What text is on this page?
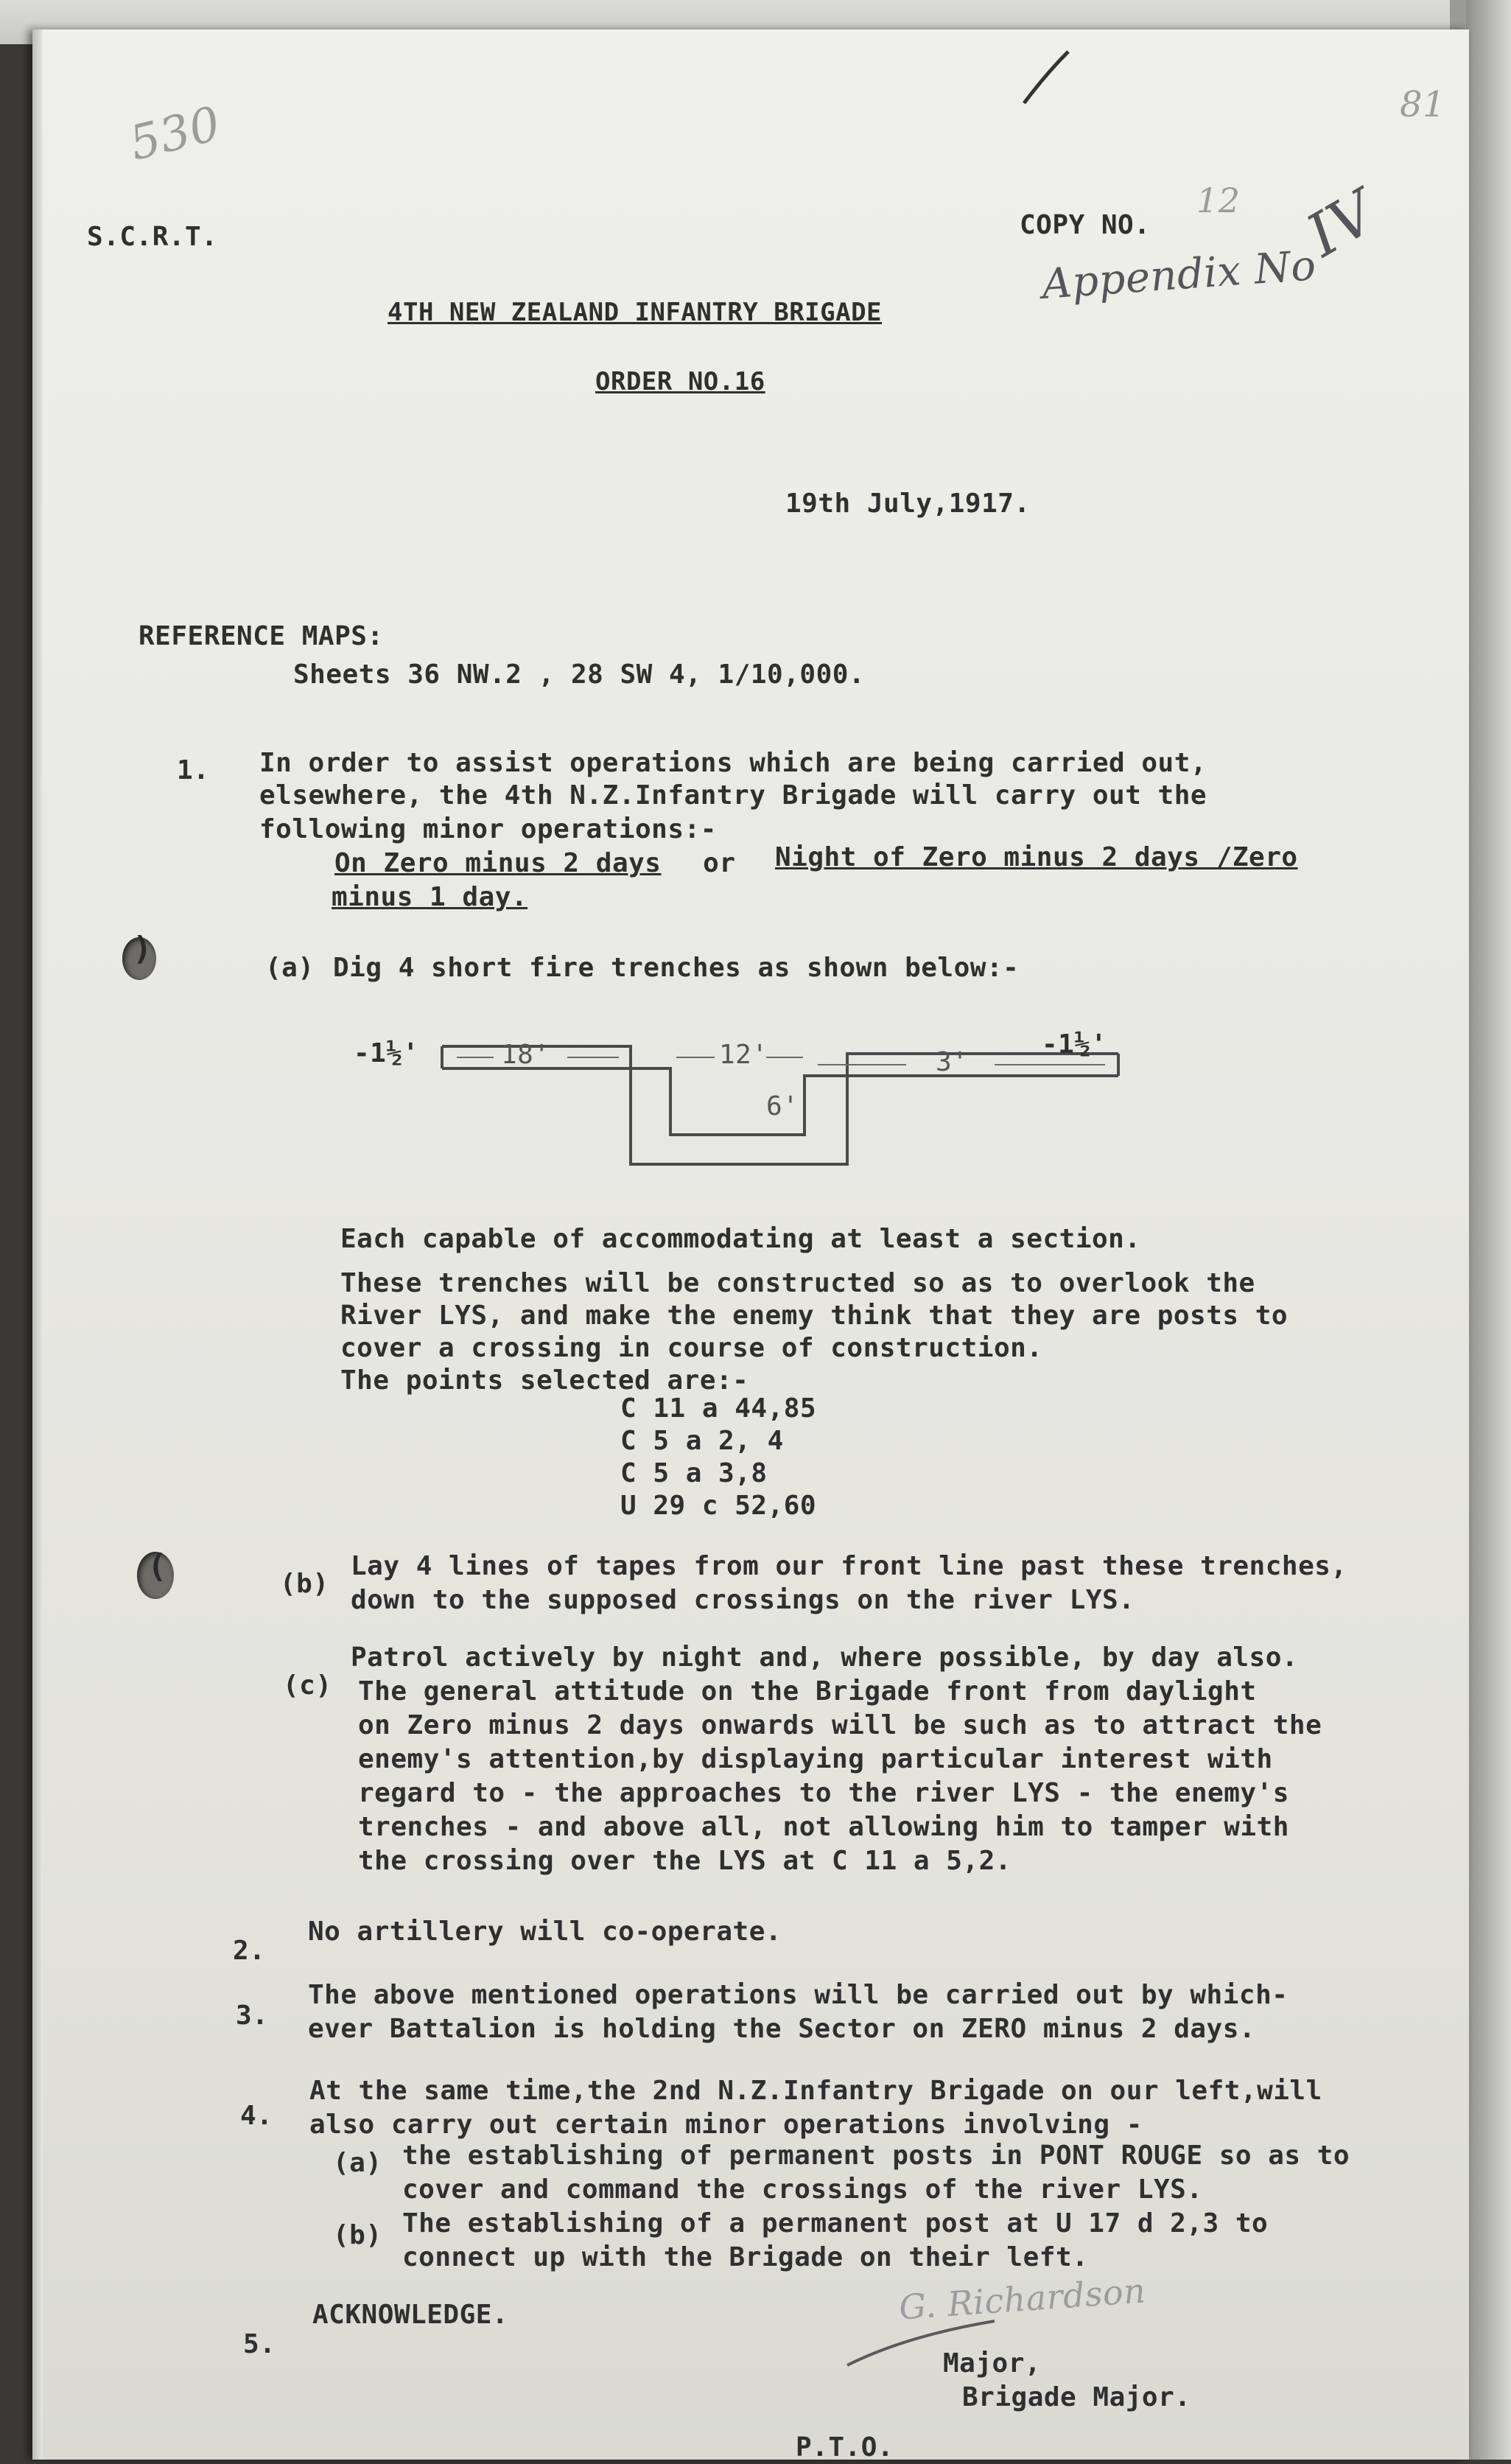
)
(
530	81
S.C.R.T.	COPY NO.
12
Appendix No
IV
4TH NEW ZEALAND INFANTRY BRIGADE
ORDER NO.16
19th July,1917.
REFERENCE MAPS:
Sheets 36 NW.2 , 28 SW 4, 1/10,000.
1. In order to assist operations which are being carried out,
elsewhere, the 4th N.Z.Infantry Brigade will carry out the
following minor operations:-
On Zero minus 2 days or Night of Zero minus 2 days /Zero
minus 1 day.
(a) Dig 4 short fire trenches as shown below:-
-1½'	18'	12'	3'
6'
-1½'
Each capable of accommodating at least a section.
These trenches will be constructed so as to overlook the
River LYS, and make the enemy think that they are posts to
cover a crossing in course of construction.
The points selected are:-
C 11 a 44,85
C 5 a 2, 4
C 5 a 3,8
U 29 c 52,60
(b)
Lay 4 lines of tapes from our front line past these trenches,
down to the supposed crossings on the river LYS.
(c)
Patrol actively by night and, where possible, by day also.
The general attitude on the Brigade front from daylight
on Zero minus 2 days onwards will be such as to attract the
enemy's attention,by displaying particular interest with
regard to - the approaches to the river LYS - the enemy's
trenches - and above all, not allowing him to tamper with
the crossing over the LYS at C 11 a 5,2.
2.
No artillery will co-operate.
3.
The above mentioned operations will be carried out by which-
ever Battalion is holding the Sector on ZERO minus 2 days.
4.
At the same time,the 2nd N.Z.Infantry Brigade on our left,will
also carry out certain minor operations involving -
(a) the establishing of permanent posts in PONT ROUGE so as to
cover and command the crossings of the river LYS.
(b) The establishing of a permanent post at U 17 d 2,3 to
connect up with the Brigade on their left.
5.
ACKNOWLEDGE.	G. Richardson
Major,
Brigade Major.
P.T.O.
